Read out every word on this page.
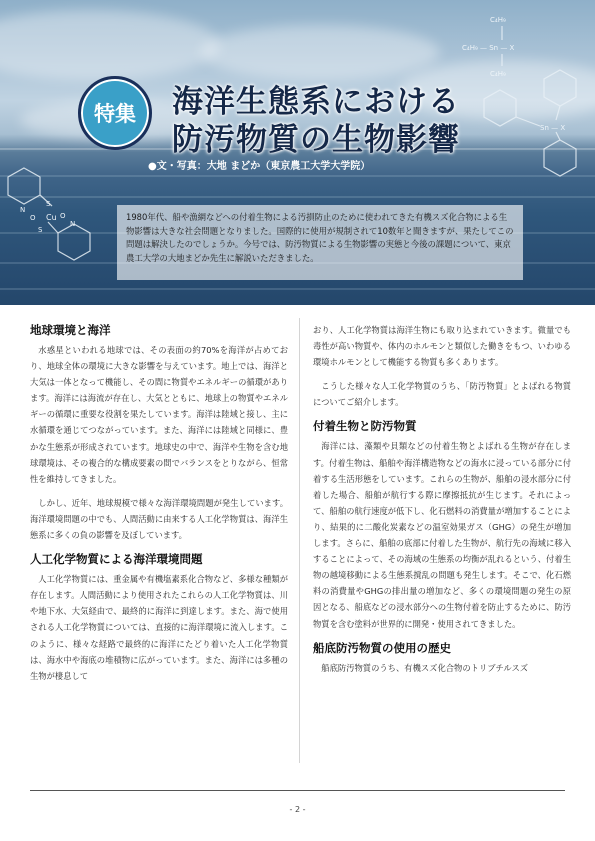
N
O
S
Cu
S
O
N
C₄H₉
C₄H₉ — Sn — X
C₄H₉
Sn — X
特集 海洋生態系における
防汚物質の生物影響
●文・写真：大地 まどか（東京農工大学大学院）
1980年代、船や漁網などへの付着生物による汚損防止のために使われてきた有機スズ化合物による生物影響は大きな社会問題となりました。国際的に使用が規制されて10数年と聞きますが、果たしてこの問題は解決したのでしょうか。今号では、防汚物質による生物影響の実態と今後の課題について、東京農工大学の大地まどか先生に解説いただきました。
地球環境と海洋

水惑星といわれる地球では、その表面の約70%を海洋が占めており、地球全体の環境に大きな影響を与えています。地上では、海洋と大気は一体となって機能し、その間に物質やエネルギーの循環があります。海洋には海流が存在し、大気とともに、地球上の物質やエネルギーの循環に重要な役割を果たしています。海洋は陸域と接し、主に水循環を通じてつながっています。また、海洋には陸域と同様に、豊かな生態系が形成されています。地球史の中で、海洋や生物を含む地球環境は、その複合的な構成要素の間でバランスをとりながら、恒常性を維持してきました。

しかし、近年、地球規模で様々な海洋環境問題が発生しています。海洋環境問題の中でも、人間活動に由来する人工化学物質は、海洋生態系に多くの負の影響を及ぼしています。

人工化学物質による海洋環境問題

人工化学物質には、重金属や有機塩素系化合物など、多様な種類が存在します。人間活動により使用されたこれらの人工化学物質は、川や地下水、大気経由で、最終的に海洋に到達します。また、海で使用される人工化学物質については、直接的に海洋環境に流入します。このように、様々な経路で最終的に海洋にたどり着いた人工化学物質は、海水中や海底の堆積物に広がっています。また、海洋には多種の生物が棲息して

おり、人工化学物質は海洋生物にも取り込まれていきます。微量でも毒性が高い物質や、体内のホルモンと類似した働きをもつ、いわゆる環境ホルモンとして機能する物質も多くあります。

こうした様々な人工化学物質のうち、「防汚物質」とよばれる物質についてご紹介します。

付着生物と防汚物質

海洋には、藻類や貝類などの付着生物とよばれる生物が存在します。付着生物は、船舶や海洋構造物などの海水に浸っている部分に付着する生活形態をしています。これらの生物が、船舶の浸水部分に付着した場合、船舶が航行する際に摩擦抵抗が生じます。それによって、船舶の航行速度が低下し、化石燃料の消費量が増加することにより、結果的に二酸化炭素などの温室効果ガス（GHG）の発生が増加します。さらに、船舶の底部に付着した生物が、航行先の海域に移入することによって、その海域の生態系の均衡が乱れるという、付着生物の越境移動による生態系撹乱の問題も発生します。そこで、化石燃料の消費量やGHGの排出量の増加など、多くの環境問題の発生の原因となる、船底などの浸水部分への生物付着を防止するために、防汚物質を含む塗料が世界的に開発・使用されてきました。

船底防汚物質の使用の歴史

船底防汚物質のうち、有機スズ化合物のトリブチルスズ

- 2 -
